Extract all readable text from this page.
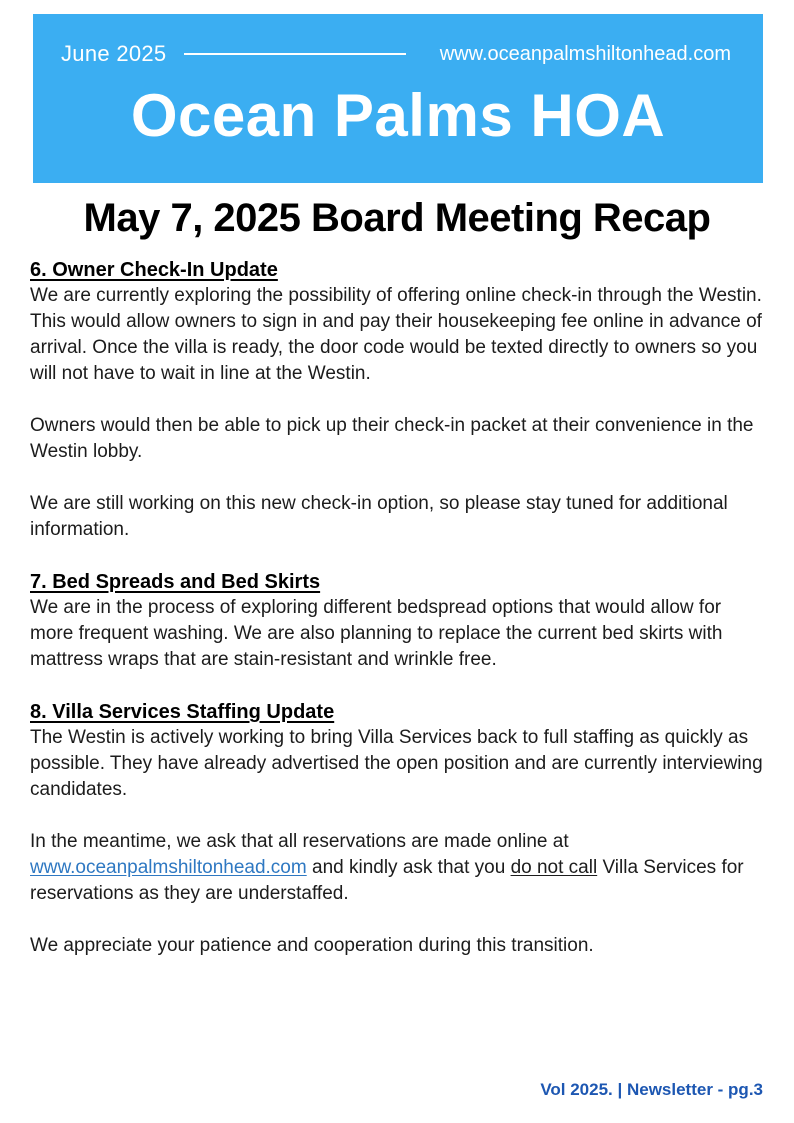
June 2025	www.oceanpalmshiltonhead.com
Ocean Palms HOA
May 7, 2025 Board Meeting Recap
6. Owner Check-In Update

We are currently exploring the possibility of offering online check-in through the Westin. This would allow owners to sign in and pay their housekeeping fee online in advance of arrival. Once the villa is ready, the door code would be texted directly to owners so you will not have to wait in line at the Westin.

Owners would then be able to pick up their check-in packet at their convenience in the Westin lobby.

We are still working on this new check-in option, so please stay tuned for additional information.

7. Bed Spreads and Bed Skirts

We are in the process of exploring different bedspread options that would allow for more frequent washing. We are also planning to replace the current bed skirts with mattress wraps that are stain-resistant and wrinkle free.

8. Villa Services Staffing Update

The Westin is actively working to bring Villa Services back to full staffing as quickly as possible. They have already advertised the open position and are currently interviewing candidates.

In the meantime, we ask that all reservations are made online at www.oceanpalmshiltonhead.com and kindly ask that you do not call Villa Services for reservations as they are understaffed.

We appreciate your patience and cooperation during this transition.

Vol 2025. | Newsletter - pg.3
